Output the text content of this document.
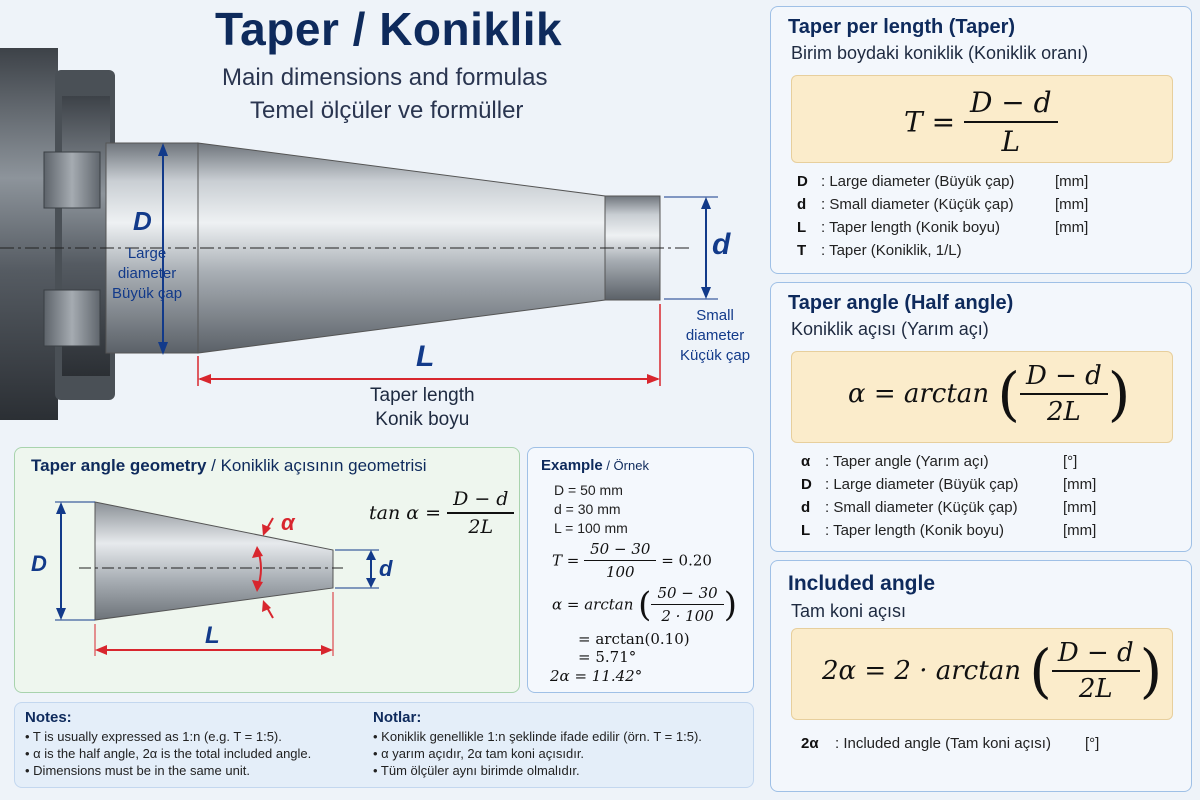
Taper / Koniklik
Main dimensions and formulas
Temel ölçüler ve formüller
D
Large
diameter
Büyük çap
d
Small
diameter
Küçük çap
L
Taper length
Konik boyu
Taper per length (Taper)
Birim boydaki koniklik (Koniklik oranı)
$T = \frac{D - d}{L}$
D : Large diameter (Büyük çap)	[mm]
d : Small diameter (Küçük çap)	[mm]
L : Taper length (Konik boyu)	[mm]
T : Taper (Koniklik, 1/L)
Taper angle (Half angle)
Koniklik açısı (Yarım açı)
α = arctan ( $\frac{D - d}{2L}$ )
α : Taper angle (Yarım açı)	[°]
D : Large diameter (Büyük çap)	[mm]
d : Small diameter (Küçük çap)	[mm]
L : Taper length (Konik boyu)	[mm]
Included angle
Tam koni açısı
2α = 2 · arctan ( $\frac{D - d}{2L}$ )
2α : Included angle (Tam koni açısı) [°]
Taper angle geometry / Koniklik açısının geometrisi
D	d
L
α	$\tan \alpha = \frac{D - d}{2L}$
Example / Örnek
D = 50 mm
d = 30 mm
L = 100 mm
$T = \frac{50 - 30}{100} = 0.20$
α = arctan ( $\frac{50 - 30}{2 \cdot 100}$ )
= arctan(0.10)
= 5.71°
2α = 11.42°
Notes:
• T is usually expressed as 1:n (e.g. T = 1:5).
• α is the half angle, 2α is the total included angle.
• Dimensions must be in the same unit.
Notlar:
• Koniklik genellikle 1:n şeklinde ifade edilir (örn. T = 1:5).
• α yarım açıdır, 2α tam koni açısıdır.
• Tüm ölçüler aynı birimde olmalıdır.
